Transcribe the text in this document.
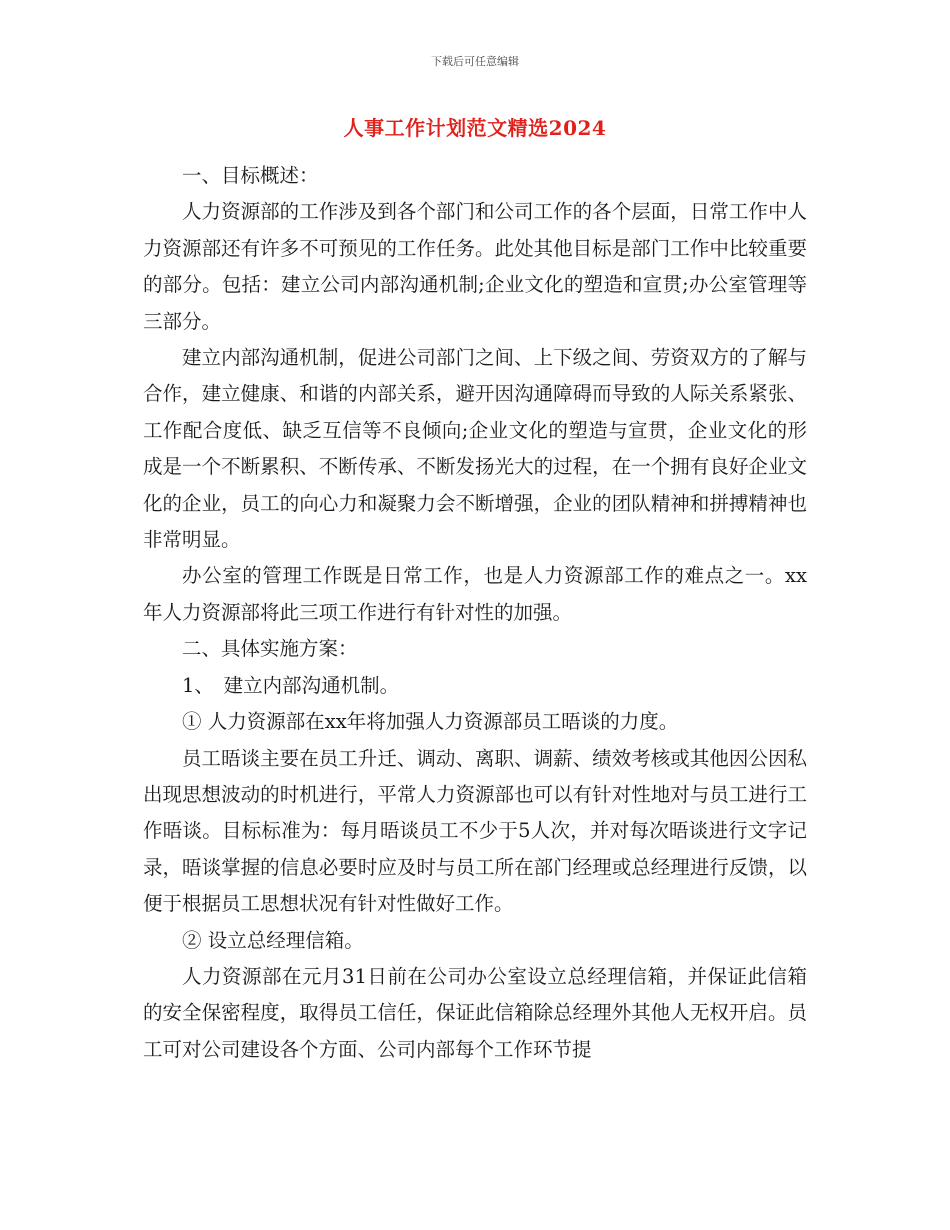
下载后可任意编辑
人事工作计划范文精选2024

一、目标概述：

人力资源部的工作涉及到各个部门和公司工作的各个层面，日常工作中人力资源部还有许多不可预见的工作任务。此处其他目标是部门工作中比较重要的部分。包括：建立公司内部沟通机制;企业文化的塑造和宣贯;办公室管理等三部分。

建立内部沟通机制，促进公司部门之间、上下级之间、劳资双方的了解与合作，建立健康、和谐的内部关系，避开因沟通障碍而导致的人际关系紧张、工作配合度低、缺乏互信等不良倾向;企业文化的塑造与宣贯，企业文化的形成是一个不断累积、不断传承、不断发扬光大的过程，在一个拥有良好企业文化的企业，员工的向心力和凝聚力会不断增强，企业的团队精神和拼搏精神也非常明显。

办公室的管理工作既是日常工作，也是人力资源部工作的难点之一。xx年人力资源部将此三项工作进行有针对性的加强。

二、具体实施方案：

1、　建立内部沟通机制。

① 人力资源部在xx年将加强人力资源部员工晤谈的力度。

员工晤谈主要在员工升迁、调动、离职、调薪、绩效考核或其他因公因私出现思想波动的时机进行，平常人力资源部也可以有针对性地对与员工进行工作晤谈。目标标准为：每月晤谈员工不少于5人次，并对每次晤谈进行文字记录，晤谈掌握的信息必要时应及时与员工所在部门经理或总经理进行反馈，以便于根据员工思想状况有针对性做好工作。

② 设立总经理信箱。

人力资源部在元月31日前在公司办公室设立总经理信箱，并保证此信箱的安全保密程度，取得员工信任，保证此信箱除总经理外其他人无权开启。员工可对公司建设各个方面、公司内部每个工作环节提
